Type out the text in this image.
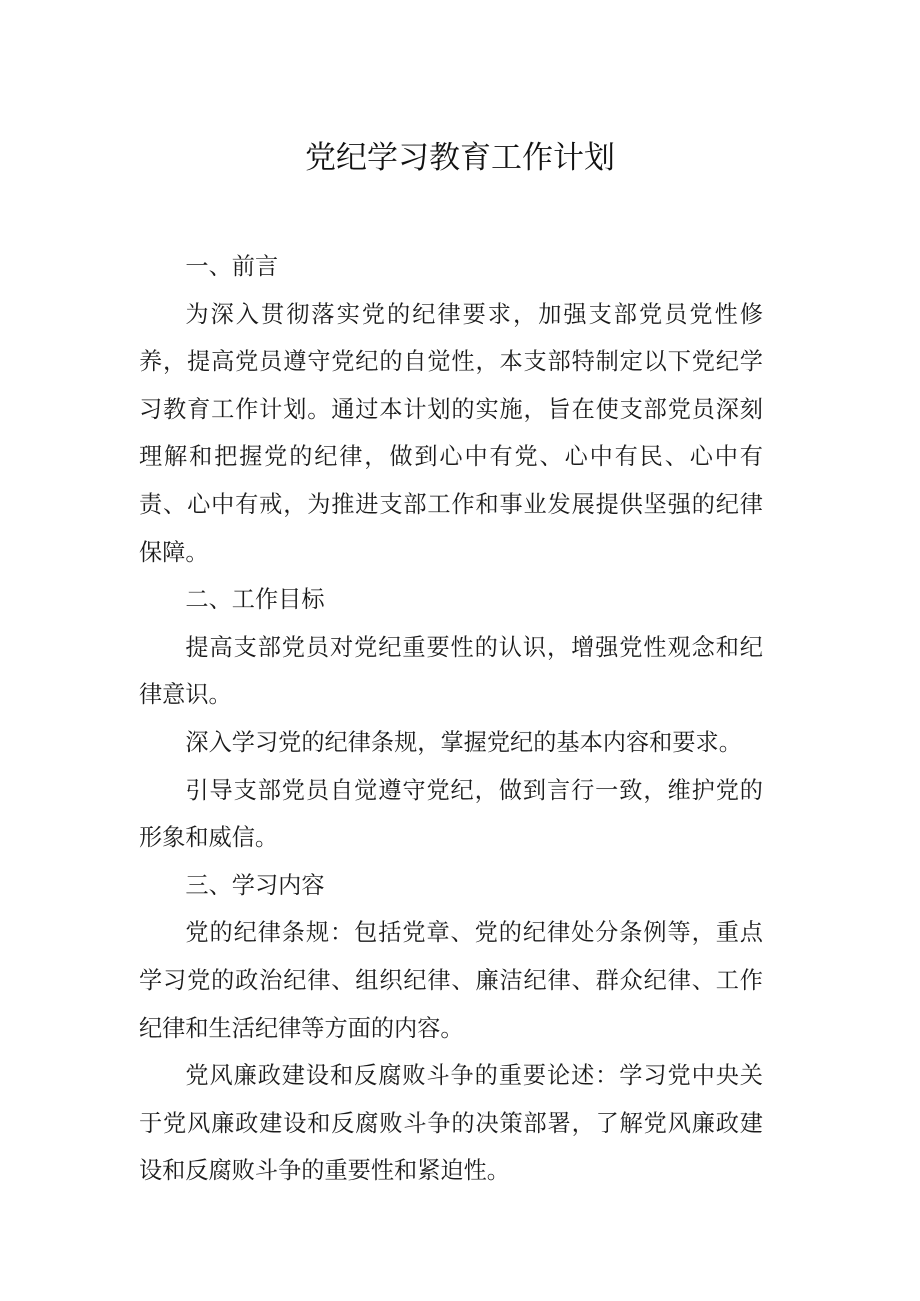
党纪学习教育工作计划

一、前言

为深入贯彻落实党的纪律要求，加强支部党员党性修养，提高党员遵守党纪的自觉性，本支部特制定以下党纪学习教育工作计划。通过本计划的实施，旨在使支部党员深刻理解和把握党的纪律，做到心中有党、心中有民、心中有责、心中有戒，为推进支部工作和事业发展提供坚强的纪律保障。

二、工作目标

提高支部党员对党纪重要性的认识，增强党性观念和纪律意识。

深入学习党的纪律条规，掌握党纪的基本内容和要求。

引导支部党员自觉遵守党纪，做到言行一致，维护党的形象和威信。

三、学习内容

党的纪律条规：包括党章、党的纪律处分条例等，重点学习党的政治纪律、组织纪律、廉洁纪律、群众纪律、工作纪律和生活纪律等方面的内容。

党风廉政建设和反腐败斗争的重要论述：学习党中央关于党风廉政建设和反腐败斗争的决策部署，了解党风廉政建设和反腐败斗争的重要性和紧迫性。
